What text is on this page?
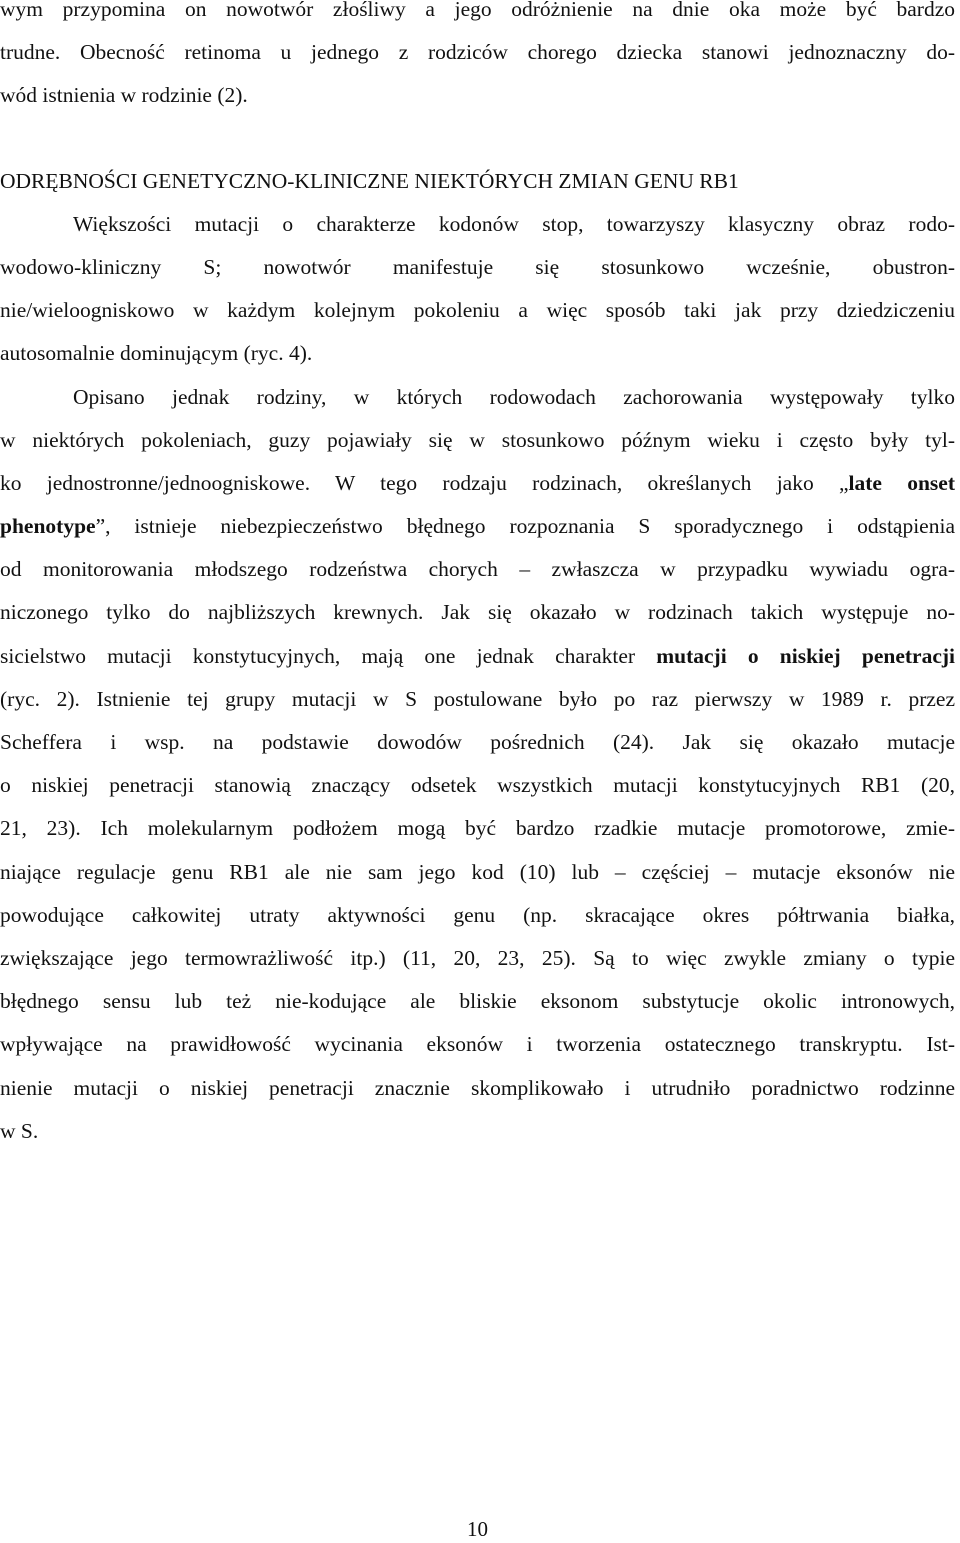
wym przypomina on nowotwór złośliwy a jego odróżnienie na dnie oka może być bardzo
trudne. Obecność retinoma u jednego z rodziców chorego dziecka stanowi jednoznaczny do-
wód istnienia w rodzinie (2).
ODRĘBNOŚCI GENETYCZNO-KLINICZNE NIEKTÓRYCH ZMIAN GENU RB1
Większości mutacji o charakterze kodonów stop, towarzyszy klasyczny obraz rodo-
wodowo-kliniczny S; nowotwór manifestuje się stosunkowo wcześnie, obustron-
nie/wieloogniskowo w każdym kolejnym pokoleniu a więc sposób taki jak przy dziedziczeniu
autosomalnie dominującym (ryc. 4).
Opisano jednak rodziny, w których rodowodach zachorowania występowały tylko
w niektórych pokoleniach, guzy pojawiały się w stosunkowo późnym wieku i często były tyl-
ko jednostronne/jednoogniskowe. W tego rodzaju rodzinach, określanych jako „late onset
phenotype”, istnieje niebezpieczeństwo błędnego rozpoznania S sporadycznego i odstąpienia
od monitorowania młodszego rodzeństwa chorych – zwłaszcza w przypadku wywiadu ogra-
niczonego tylko do najbliższych krewnych. Jak się okazało w rodzinach takich występuje no-
sicielstwo mutacji konstytucyjnych, mają one jednak charakter mutacji o niskiej penetracji
(ryc. 2). Istnienie tej grupy mutacji w S postulowane było po raz pierwszy w 1989 r. przez
Scheffera i wsp. na podstawie dowodów pośrednich (24). Jak się okazało mutacje
o niskiej penetracji stanowią znaczący odsetek wszystkich mutacji konstytucyjnych RB1 (20,
21, 23). Ich molekularnym podłożem mogą być bardzo rzadkie mutacje promotorowe, zmie-
niające regulacje genu RB1 ale nie sam jego kod (10) lub – częściej – mutacje eksonów nie
powodujące całkowitej utraty aktywności genu (np. skracające okres półtrwania białka,
zwiększające jego termowrażliwość itp.) (11, 20, 23, 25). Są to więc zwykle zmiany o typie
błędnego sensu lub też nie-kodujące ale bliskie eksonom substytucje okolic intronowych,
wpływające na prawidłowość wycinania eksonów i tworzenia ostatecznego transkryptu. Ist-
nienie mutacji o niskiej penetracji znacznie skomplikowało i utrudniło poradnictwo rodzinne
w S.
10
